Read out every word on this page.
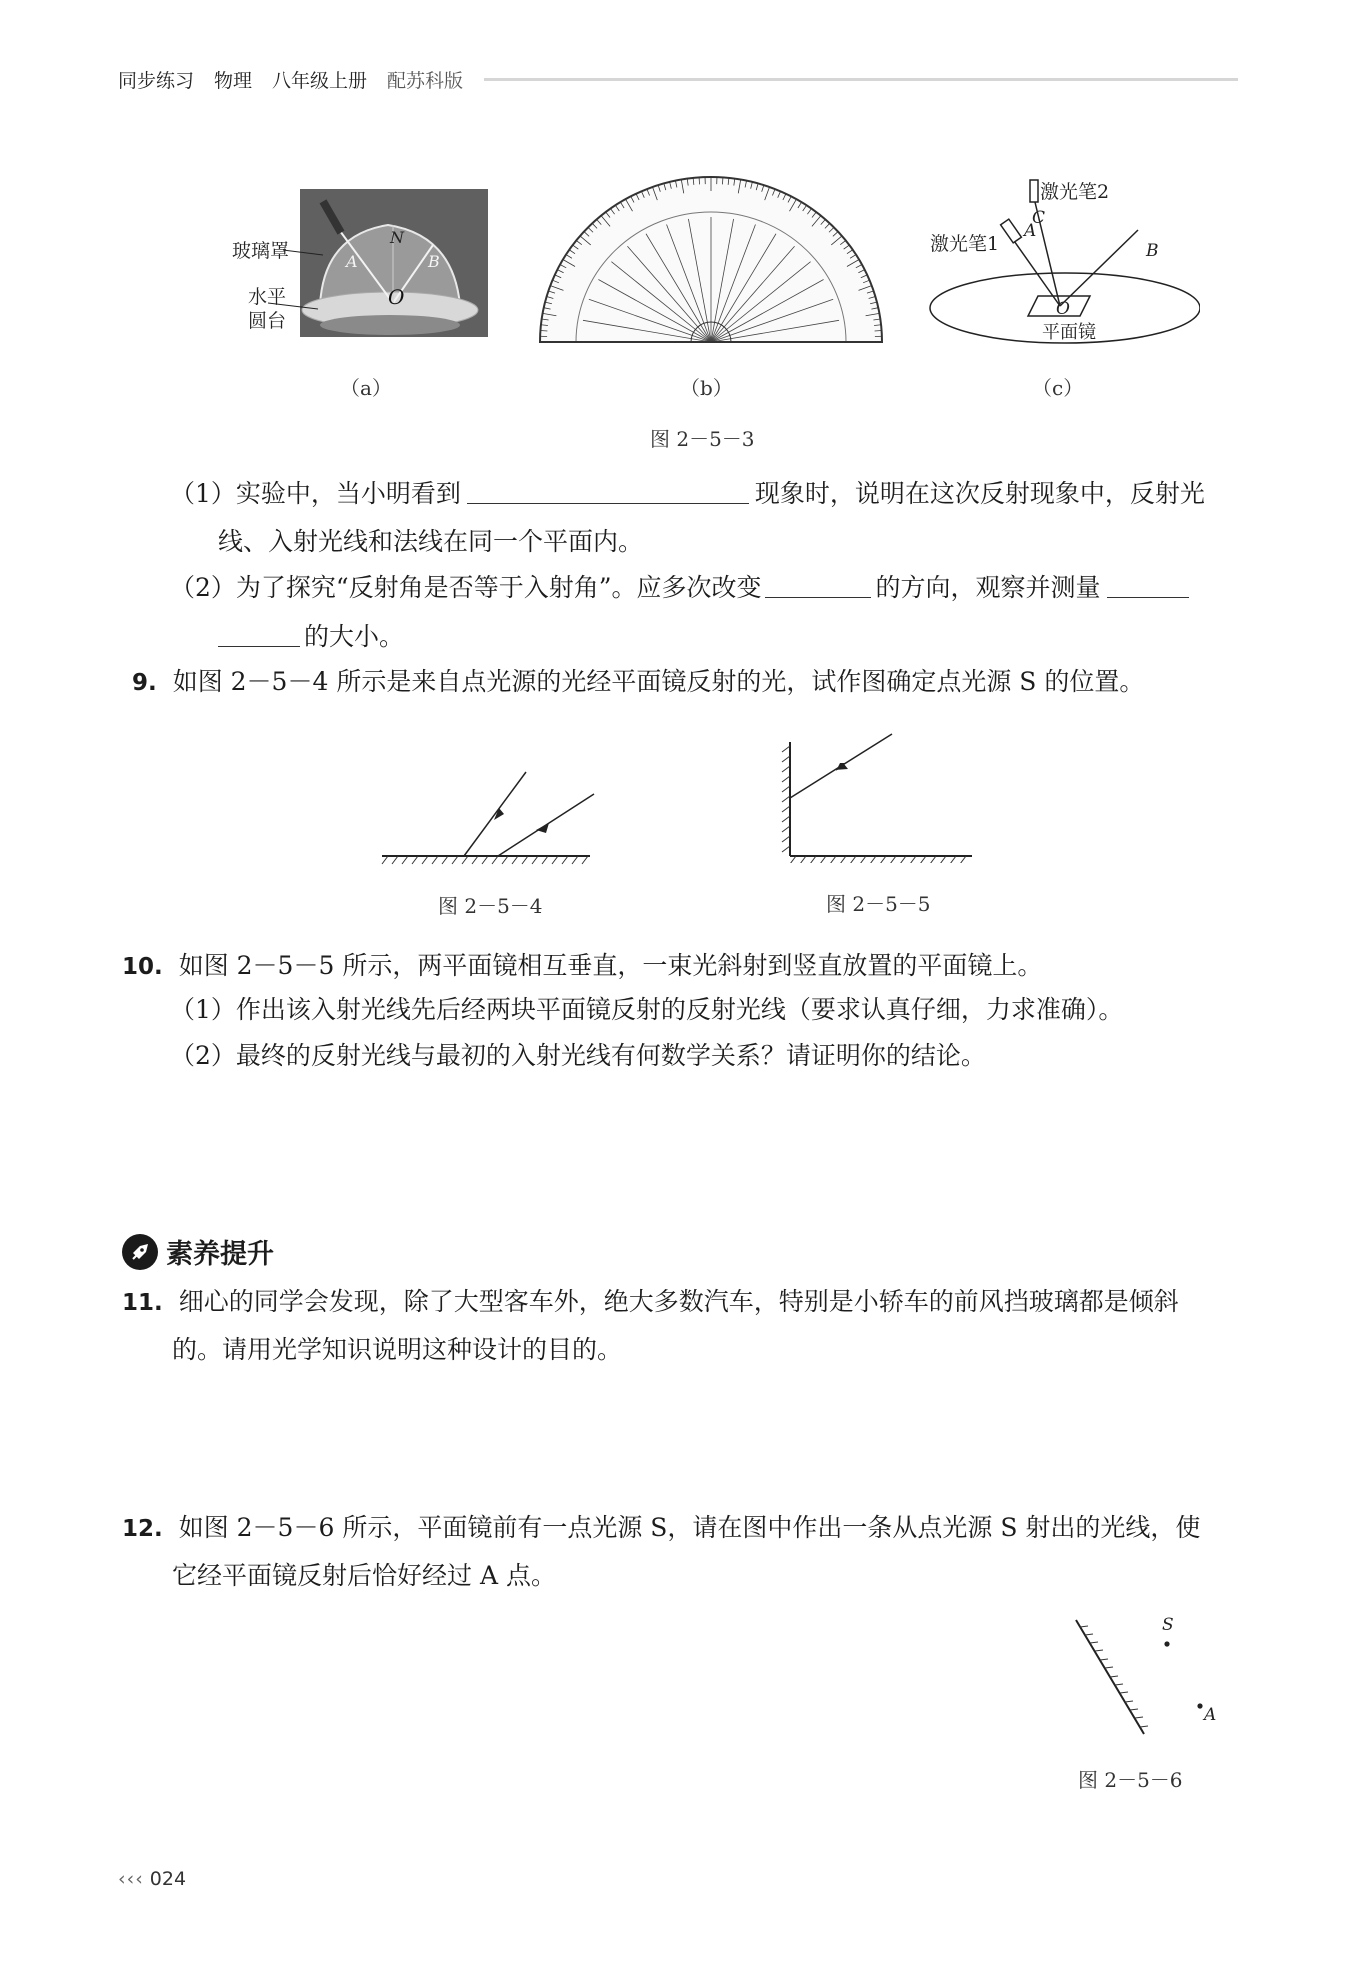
同步练习 物理 八年级上册 配苏科版
N
A	B
O
玻璃罩
水平
圆台
（a）	（b）
激光笔1
激光笔2
A
C
B
O
平面镜
（c）
图 2－5－3
（1）实验中，当小明看到	现象时，说明在这次反射现象中，反射光
线、入射光线和法线在同一个平面内。
（2）为了探究“反射角是否等于入射角”。应多次改变	的方向，观察并测量
的大小。
9. 如图 2－5－4 所示是来自点光源的光经平面镜反射的光，试作图确定点光源 S 的位置。
图 2－5－4	图 2－5－5
10. 如图 2－5－5 所示，两平面镜相互垂直，一束光斜射到竖直放置的平面镜上。
（1）作出该入射光线先后经两块平面镜反射的反射光线（要求认真仔细，力求准确）。
（2）最终的反射光线与最初的入射光线有何数学关系？请证明你的结论。
素养提升
11. 细心的同学会发现，除了大型客车外，绝大多数汽车，特别是小轿车的前风挡玻璃都是倾斜
的。请用光学知识说明这种设计的目的。
12. 如图 2－5－6 所示，平面镜前有一点光源 S，请在图中作出一条从点光源 S 射出的光线，使
它经平面镜反射后恰好经过 A 点。
S
A
图 2－5－6
‹‹‹ 024
